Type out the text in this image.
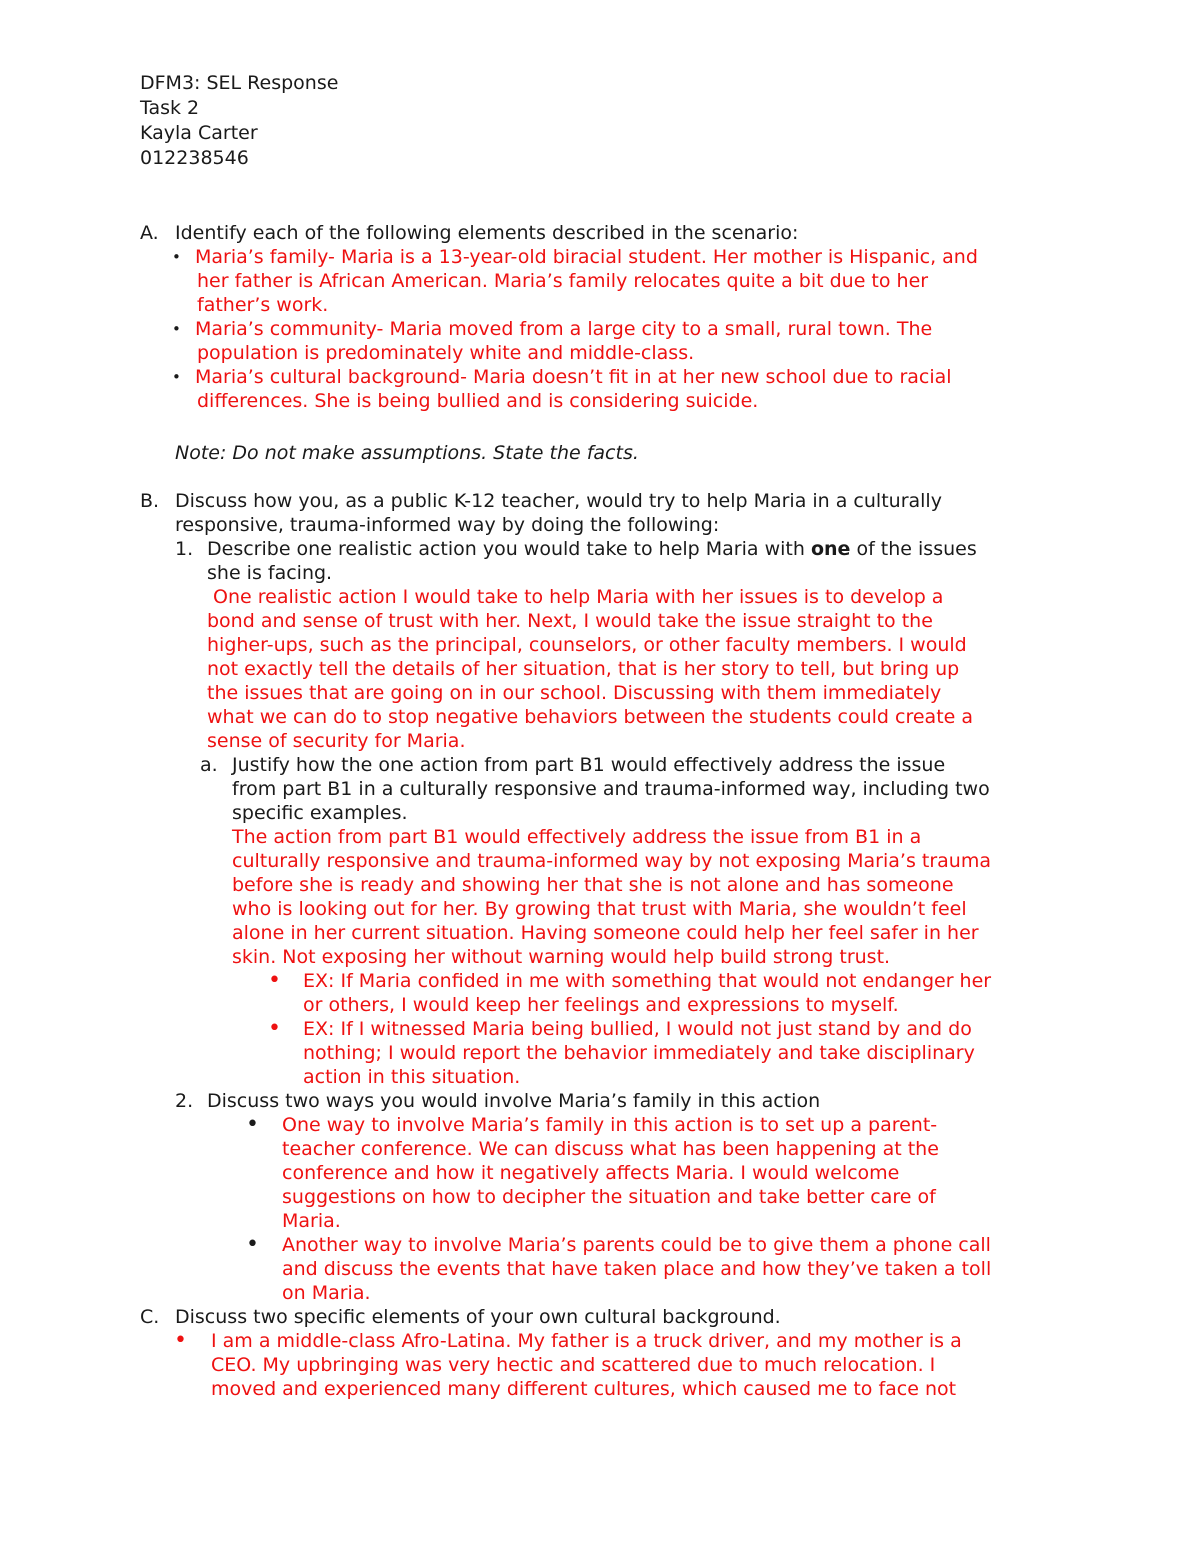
DFM3: SEL Response
Task 2
Kayla Carter
012238546
A. Identify each of the following elements described in the scenario:
• Maria’s family- Maria is a 13-year-old biracial student. Her mother is Hispanic, and
her father is African American. Maria’s family relocates quite a bit due to her
father’s work.
• Maria’s community- Maria moved from a large city to a small, rural town. The
population is predominately white and middle-class.
• Maria’s cultural background- Maria doesn’t fit in at her new school due to racial
differences. She is being bullied and is considering suicide.
Note: Do not make assumptions. State the facts.
B. Discuss how you, as a public K-12 teacher, would try to help Maria in a culturally
responsive, trauma-informed way by doing the following:
1. Describe one realistic action you would take to help Maria with one of the issues
she is facing.
One realistic action I would take to help Maria with her issues is to develop a
bond and sense of trust with her. Next, I would take the issue straight to the
higher-ups, such as the principal, counselors, or other faculty members. I would
not exactly tell the details of her situation, that is her story to tell, but bring up
the issues that are going on in our school. Discussing with them immediately
what we can do to stop negative behaviors between the students could create a
sense of security for Maria.
a. Justify how the one action from part B1 would effectively address the issue
from part B1 in a culturally responsive and trauma-informed way, including two
specific examples.
The action from part B1 would effectively address the issue from B1 in a
culturally responsive and trauma-informed way by not exposing Maria’s trauma
before she is ready and showing her that she is not alone and has someone
who is looking out for her. By growing that trust with Maria, she wouldn’t feel
alone in her current situation. Having someone could help her feel safer in her
skin. Not exposing her without warning would help build strong trust.
• EX: If Maria confided in me with something that would not endanger her
or others, I would keep her feelings and expressions to myself.
• EX: If I witnessed Maria being bullied, I would not just stand by and do
nothing; I would report the behavior immediately and take disciplinary
action in this situation.
2. Discuss two ways you would involve Maria’s family in this action
• One way to involve Maria’s family in this action is to set up a parent-
teacher conference. We can discuss what has been happening at the
conference and how it negatively affects Maria. I would welcome
suggestions on how to decipher the situation and take better care of
Maria.
• Another way to involve Maria’s parents could be to give them a phone call
and discuss the events that have taken place and how they’ve taken a toll
on Maria.
C. Discuss two specific elements of your own cultural background.
• I am a middle-class Afro-Latina. My father is a truck driver, and my mother is a
CEO. My upbringing was very hectic and scattered due to much relocation. I
moved and experienced many different cultures, which caused me to face not
